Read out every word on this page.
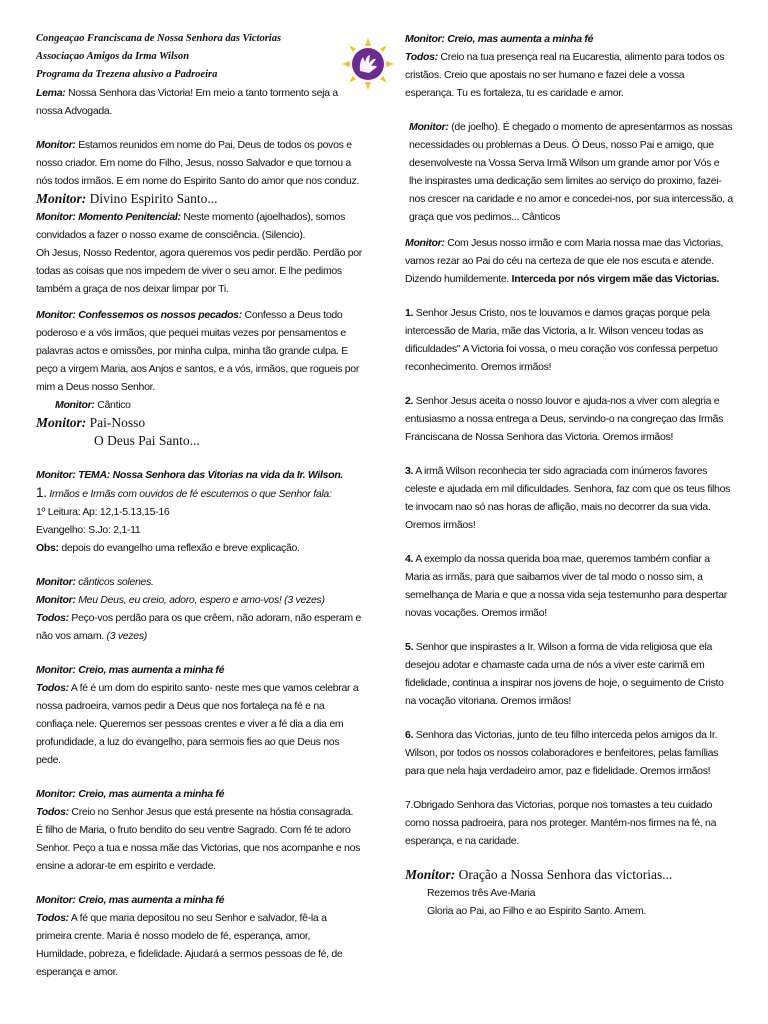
Congeaçao Franciscana de Nossa Senhora das Victorias

Associaçao Amigos da Irma Wilson

Programa da Trezena alusivo a Padroeira

Lema: Nossa Senhora das Victoria! Em meio a tanto tormento seja a nossa Advogada.

Monitor: Estamos reunidos em nome do Pai, Deus de todos os povos e nosso criador. Em nome do Filho, Jesus, nosso Salvador e que tornou a nós todos irmãos. E em nome do Espirito Santo do amor que nos conduz.

Monitor: Divino Espirito Santo...

Monitor: Momento Penitencial: Neste momento (ajoelhados), somos convidados a fazer o nosso exame de consciência. (Silencio).

Oh Jesus, Nosso Redentor, agora queremos vos pedir perdão. Perdão por todas as coisas que nos impedem de viver o seu amor. E lhe pedimos também a graça de nos deixar limpar por Ti.

Monitor: Confessemos os nossos pecados: Confesso a Deus todo poderoso e a vós irmãos, que pequei muitas vezes por pensamentos e palavras actos e omissões, por minha culpa, minha tão grande culpa. E peço a virgem Maria, aos Anjos e santos, e a vós, irmãos, que rogueis por mim a Deus nosso Senhor.

Monitor: Cântico

Monitor: Pai-Nosso

O Deus Pai Santo...

Monitor: TEMA: Nossa Senhora das Vitorias na vida da Ir. Wilson.

1. Irmãos e Irmãs com ouvidos de fé escutemos o que Senhor fala:

1º Leitura: Ap: 12,1-5.13,15-16

Evangelho: S.Jo: 2,1-11

Obs: depois do evangelho uma reflexão e breve explicação.

Monitor: cânticos solenes.

Monitor: Meu Deus, eu creio, adoro, espero e amo-vos! (3 vezes)

Todos: Peço-vos perdão para os que crêem, não adoram, não esperam e não vos amam. (3 vezes)

Monitor: Creio, mas aumenta a minha fé

Todos: A fé é um dom do espirito santo- neste mes que vamos celebrar a nossa padroeira, vamos pedir a Deus que nos fortaleça na fé e na confiaça nele. Queremos ser pessoas crentes e viver a fé dia a dia em profundidade, a luz do evangelho, para sermois fies ao que Deus nos pede.

Monitor: Creio, mas aumenta a minha fé

Todos: Creio no Senhor Jesus que está presente na hóstia consagrada. É filho de Maria, o fruto bendito do seu ventre Sagrado. Com fé te adoro Senhor. Peço a tua e nossa mãe das Victorias, que nos acompanhe e nos ensine a adorar-te em espirito e verdade.

Monitor: Creio, mas aumenta a minha fé

Todos: A fé que maria depositou no seu Senhor e salvador, fê-la a primeira crente. Maria é nosso modelo de fé, esperança, amor, Humildade, pobreza, e fidelidade. Ajudará a sermos pessoas de fé, de esperança e amor.

Monitor: Creio, mas aumenta a minha fé

Todos: Creio na tua presença real na Eucarestia, alimento para todos os cristãos. Creio que apostais no ser humano e fazei dele a vossa esperança. Tu es fortaleza, tu es caridade e amor.

Monitor: (de joelho). É chegado o momento de apresentarmos as nossas necessidades ou problemas a Deus. Ó Deus, nosso Pai e amigo, que desenvolveste na Vossa Serva Irmã Wilson um grande amor por Vós e lhe inspirastes uma dedicação sem limites ao serviço do proximo, fazei-nos crescer na caridade e no amor e concedei-nos, por sua intercessão, a graça que vos pedimos... Cânticos

Monitor: Com Jesus nosso irmão e com Maria nossa mae das Victorias, vamos rezar ao Pai do céu na certeza de que ele nos escuta e atende. Dizendo humildemente. Interceda por nós virgem mãe das Victorias.

1. Senhor Jesus Cristo, nos te louvamos e damos graças porque pela intercessão de Maria, mãe das Victoria, a Ir. Wilson venceu todas as dificuldades" A Victoria foi vossa, o meu coração vos confessa perpetuo reconhecimento. Oremos irmãos!

2. Senhor Jesus aceita o nosso louvor e ajuda-nos a viver com alegria e entusiasmo a nossa entrega a Deus, servindo-o na congreçao das Irmãs Franciscana de Nossa Senhora das Victoria. Oremos irmãos!

3. A irmã Wilson reconhecia ter sido agraciada com inúmeros favores celeste e ajudada em mil dificuldades. Senhora, faz com que os teus filhos te invocam nao só nas horas de aflição, mais no decorrer da sua vida. Oremos irmãos!

4. A exemplo da nossa querida boa mae, queremos também confiar a Maria as irmãs, para que saibamos viver de tal modo o nosso sim, a semelhança de Maria e que a nossa vida seja testemunho para despertar novas vocações. Oremos irmão!

5. Senhor que inspirastes a Ir. Wilson a forma de vida religiosa que ela desejou adotar e chamaste cada uma de nós a viver este carimã em fidelidade, continua a inspirar nos jovens de hoje, o seguimento de Cristo na vocação vitoriana. Oremos irmãos!

6. Senhora das Victorias, junto de teu filho interceda pelos amigos da Ir. Wilson, por todos os nossos colaboradores e benfeitores, pelas famílias para que nela haja verdadeiro amor, paz e fidelidade. Oremos irmãos!

7.Obrigado Senhora das Victorias, porque nos tomastes a teu cuidado como nossa padroeira, para nos proteger. Mantém-nos firmes na fé, na esperança, e na caridade.

Monitor: Oração a Nossa Senhora das victorias...

Rezemos três Ave-Maria

Gloria ao Pai, ao Filho e ao Espirito Santo. Amem.
